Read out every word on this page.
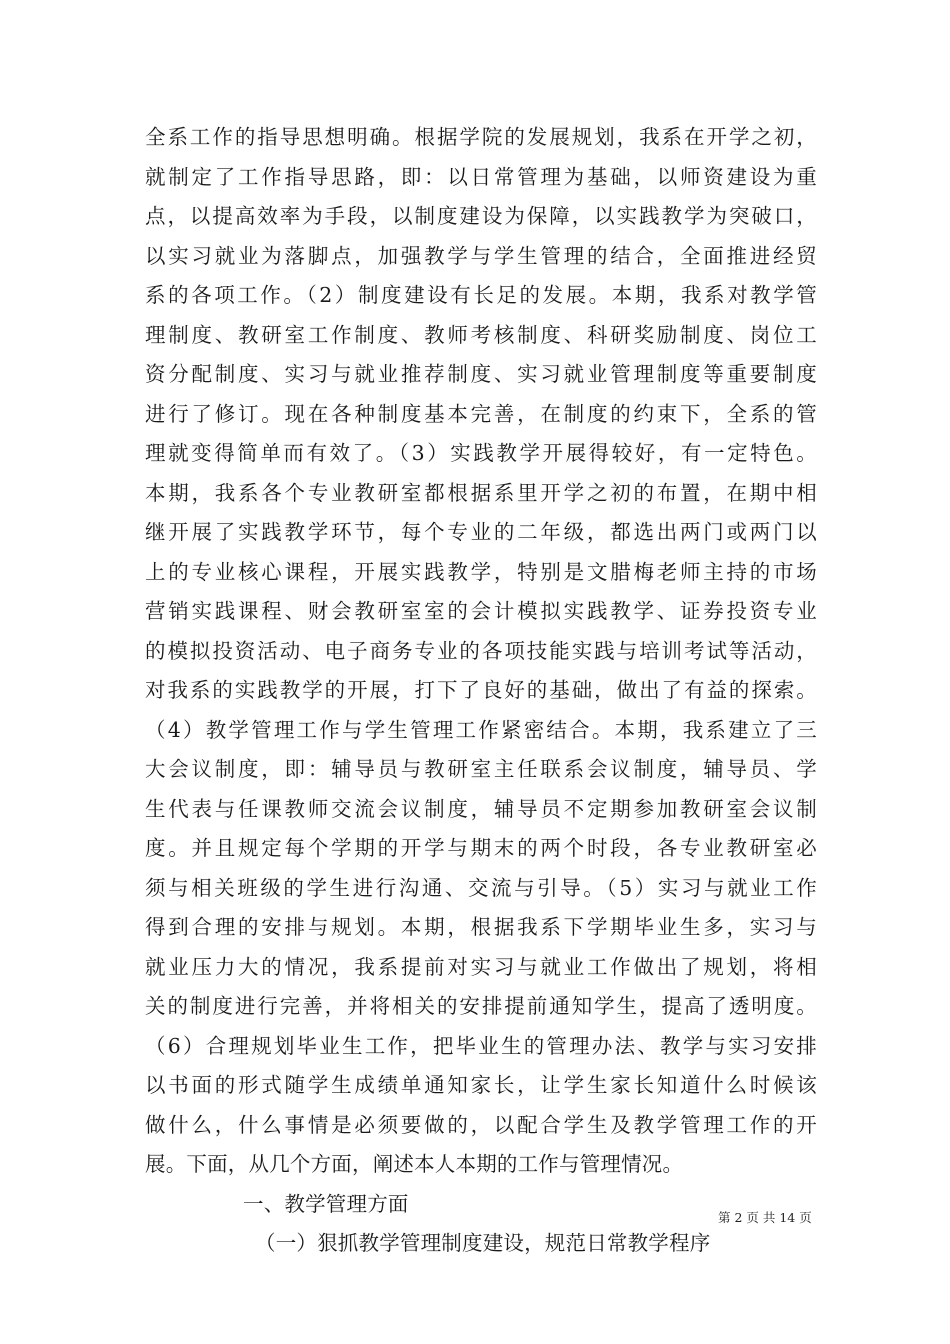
全系工作的指导思想明确。根据学院的发展规划，我系在开学之初，
就制定了工作指导思路，即：以日常管理为基础，以师资建设为重
点，以提高效率为手段，以制度建设为保障，以实践教学为突破口，
以实习就业为落脚点，加强教学与学生管理的结合，全面推进经贸
系的各项工作。（2）制度建设有长足的发展。本期，我系对教学管
理制度、教研室工作制度、教师考核制度、科研奖励制度、岗位工
资分配制度、实习与就业推荐制度、实习就业管理制度等重要制度
进行了修订。现在各种制度基本完善，在制度的约束下，全系的管
理就变得简单而有效了。（3）实践教学开展得较好，有一定特色。
本期，我系各个专业教研室都根据系里开学之初的布置，在期中相
继开展了实践教学环节，每个专业的二年级，都选出两门或两门以
上的专业核心课程，开展实践教学，特别是文腊梅老师主持的市场
营销实践课程、财会教研室室的会计模拟实践教学、证券投资专业
的模拟投资活动、电子商务专业的各项技能实践与培训考试等活动，
对我系的实践教学的开展，打下了良好的基础，做出了有益的探索。
（4）教学管理工作与学生管理工作紧密结合。本期，我系建立了三
大会议制度，即：辅导员与教研室主任联系会议制度，辅导员、学
生代表与任课教师交流会议制度，辅导员不定期参加教研室会议制
度。并且规定每个学期的开学与期末的两个时段，各专业教研室必
须与相关班级的学生进行沟通、交流与引导。（5）实习与就业工作
得到合理的安排与规划。本期，根据我系下学期毕业生多，实习与
就业压力大的情况，我系提前对实习与就业工作做出了规划，将相
关的制度进行完善，并将相关的安排提前通知学生，提高了透明度。
（6）合理规划毕业生工作，把毕业生的管理办法、教学与实习安排
以书面的形式随学生成绩单通知家长，让学生家长知道什么时候该
做什么，什么事情是必须要做的，以配合学生及教学管理工作的开
展。下面，从几个方面，阐述本人本期的工作与管理情况。
一、教学管理方面
（一）狠抓教学管理制度建设，规范日常教学程序
第 2 页 共 14 页
